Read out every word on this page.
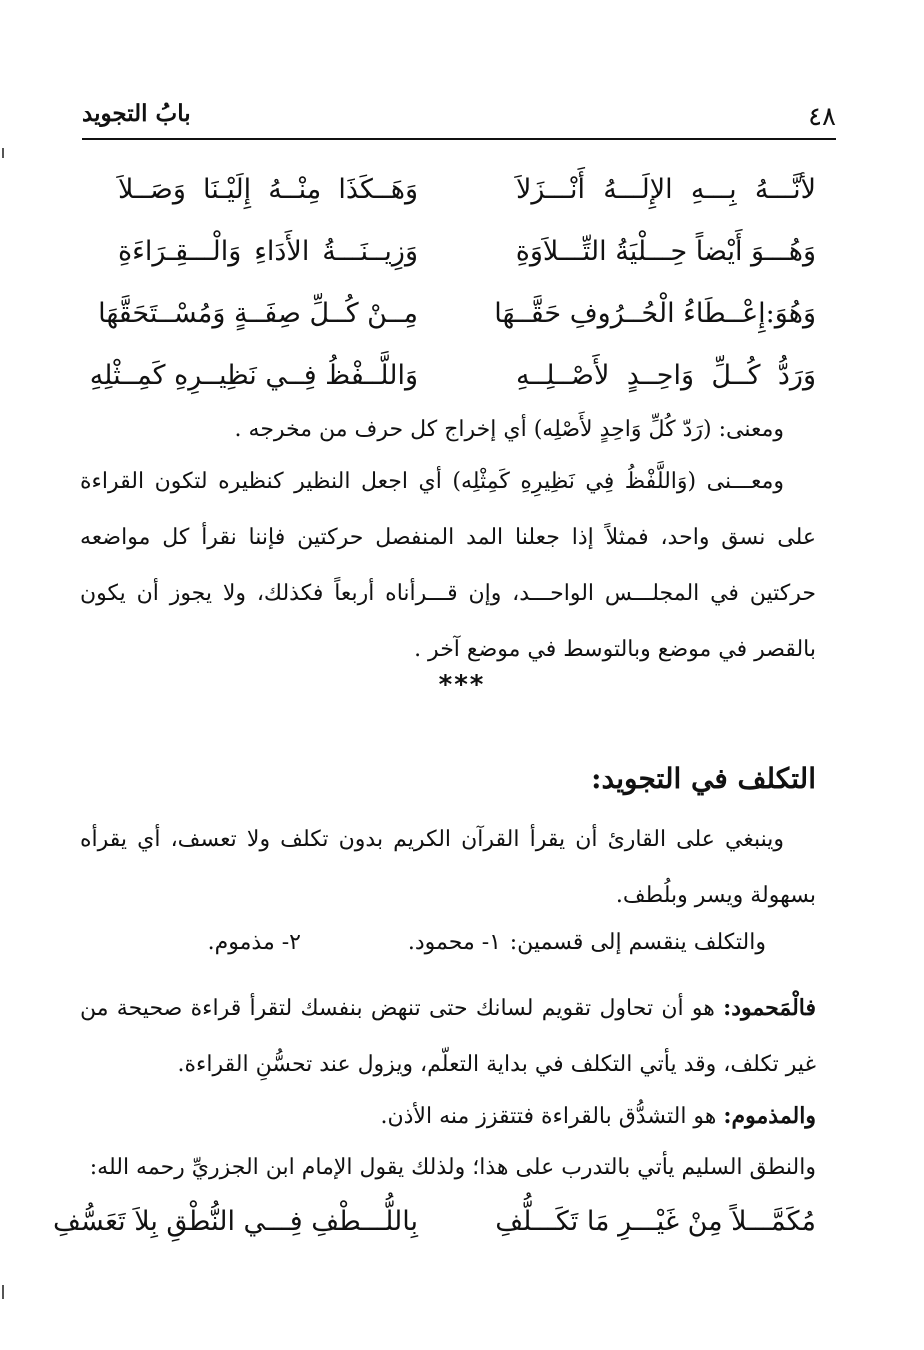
٤٨
بابُ التجويد
لأنَّـــهُ بِـــهِ الإِلَـــهُ أَنْـــزَلاَ
وَهَــكَذَا مِنْــهُ إِلَيْـنَا وَصَــلاَ
وَهُـــوَ أَيْضاً حِـــلْيَةُ التِّـــلاَوَةِ
وَزِيــنَـــةُ الأَدَاءِ وَالْـــقِـرَاءَةِ
وَهُوَ:إِعْــطَاءُ الْحُــرُوفِ حَقَّــهَا
مِــنْ كُــلِّ صِفَــةٍ وَمُسْــتَحَقَّهَا
وَرَدُّ كُــلِّ وَاحِــدٍ لأَصْــلِــهِ
وَاللَّــفْظُ فِــي نَظِيــرِهِ كَمِــثْلِهِ

ومعنى: (رَدّ كُلِّ وَاحِدٍ لأَصْلِه) أي إخراج كل حرف من مخرجه .

ومعـــنى (وَاللَّفْظُ فِي نَظِيرِهِ كَمِثْلِه) أي اجعل النظير كنظيره لتكون القراءة على نسق واحد، فمثلاً إذا جعلنا المد المنفصل حركتين فإننا نقرأ كل مواضعه حركتين في المجلـــس الواحـــد، وإن قـــرأناه أربعاً فكذلك، ولا يجوز أن يكون بالقصر في موضع وبالتوسط في موضع آخر .

***
التكلف في التجويد:

وينبغي على القارئ أن يقرأ القرآن الكريم بدون تكلف ولا تعسف، أي يقرأه بسهولة ويسر وبلُطف.

والتكلف ينقسم إلى قسمين:
١- محمود.
٢- مذموم.

فالْمَحمود: هو أن تحاول تقويم لسانك حتى تنهض بنفسك لتقرأ قراءة صحيحة من غير تكلف، وقد يأتي التكلف في بداية التعلّم، ويزول عند تحسُّنِ القراءة.

والمذموم: هو التشدُّق بالقراءة فتتقزز منه الأذن.

والنطق السليم يأتي بالتدرب على هذا؛ ولذلك يقول الإمام ابن الجزريِّ رحمه الله:

مُكَمَّـــلاً مِنْ غَيْـــرِ مَا تَكَـــلُّفِ
بِاللُّـــطْفِ فِـــي النُّطْقِ بِلاَ تَعَسُّفِ
